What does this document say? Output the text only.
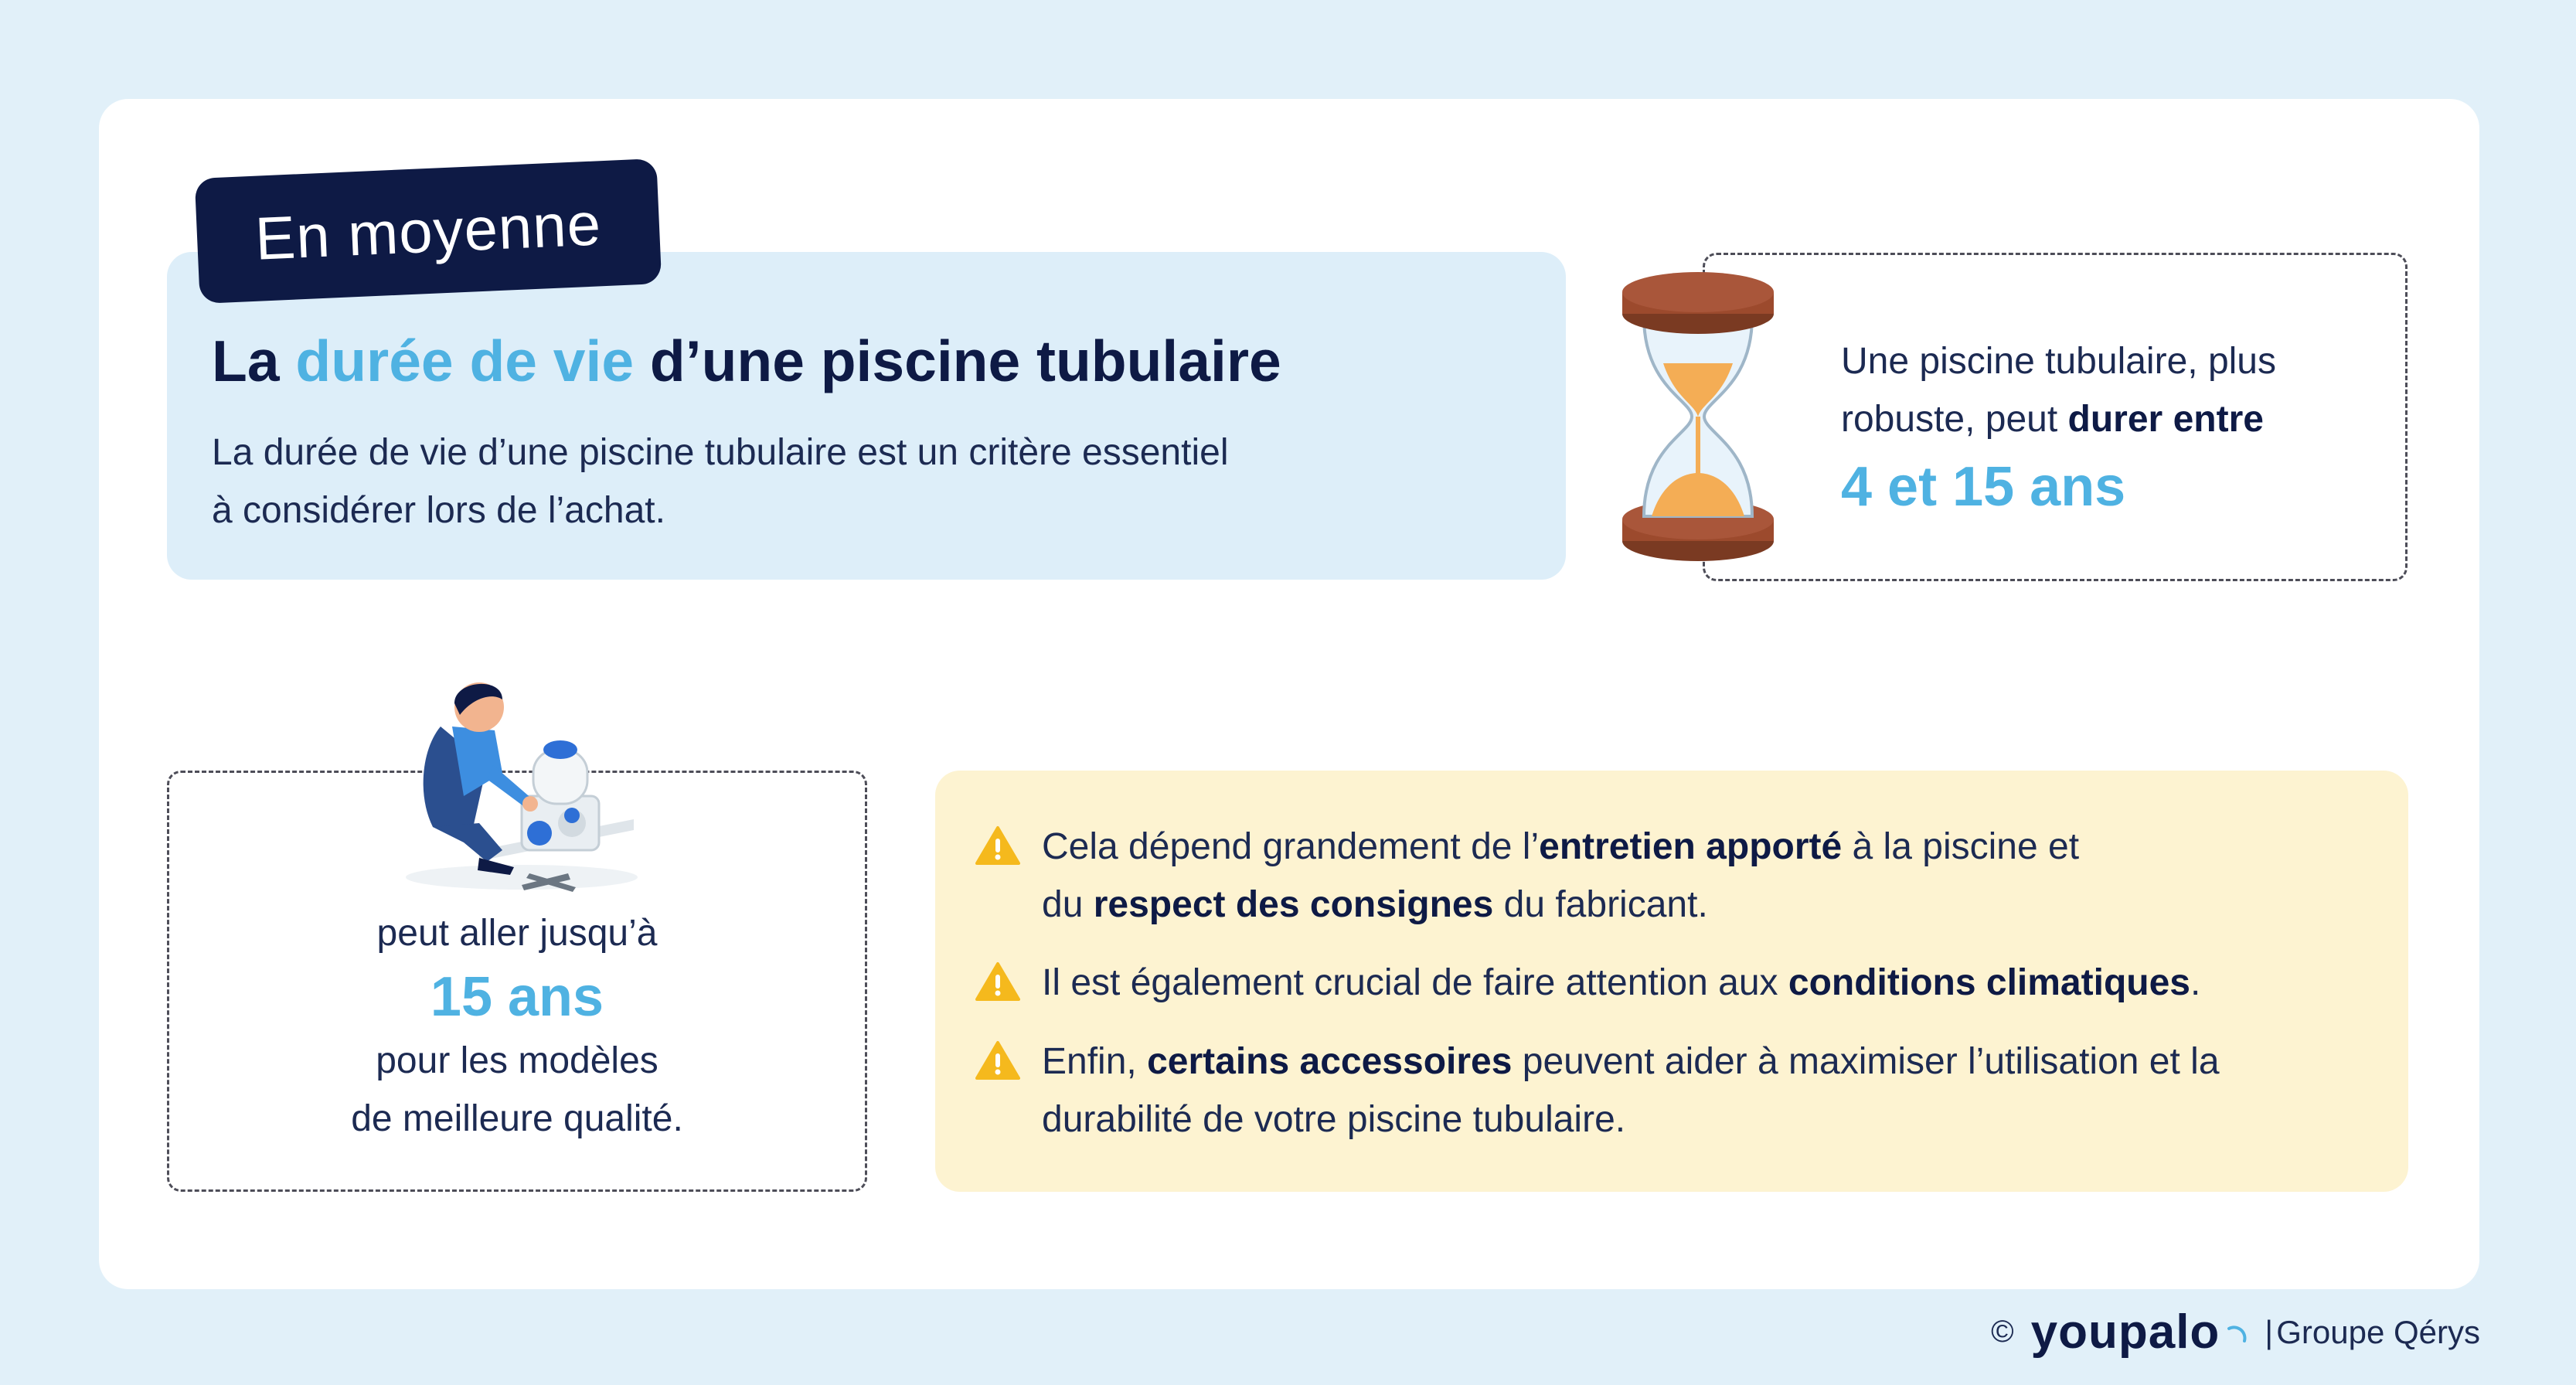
En moyenne
La durée de vie d’une piscine tubulaire
La durée de vie d’une piscine tubulaire est un critère essentiel
à considérer lors de l’achat.
Une piscine tubulaire, plus
robuste, peut durer entre
4 et 15 ans
peut aller jusqu’à
15 ans
pour les modèles
de meilleure qualité.
Cela dépend grandement de l’entretien apporté à la piscine et
du respect des consignes du fabricant.
Il est également crucial de faire attention aux conditions climatiques.
Enfin, certains accessoires peuvent aider à maximiser l’utilisation et la
durabilité de votre piscine tubulaire.
© youpalo | Groupe Qérys
